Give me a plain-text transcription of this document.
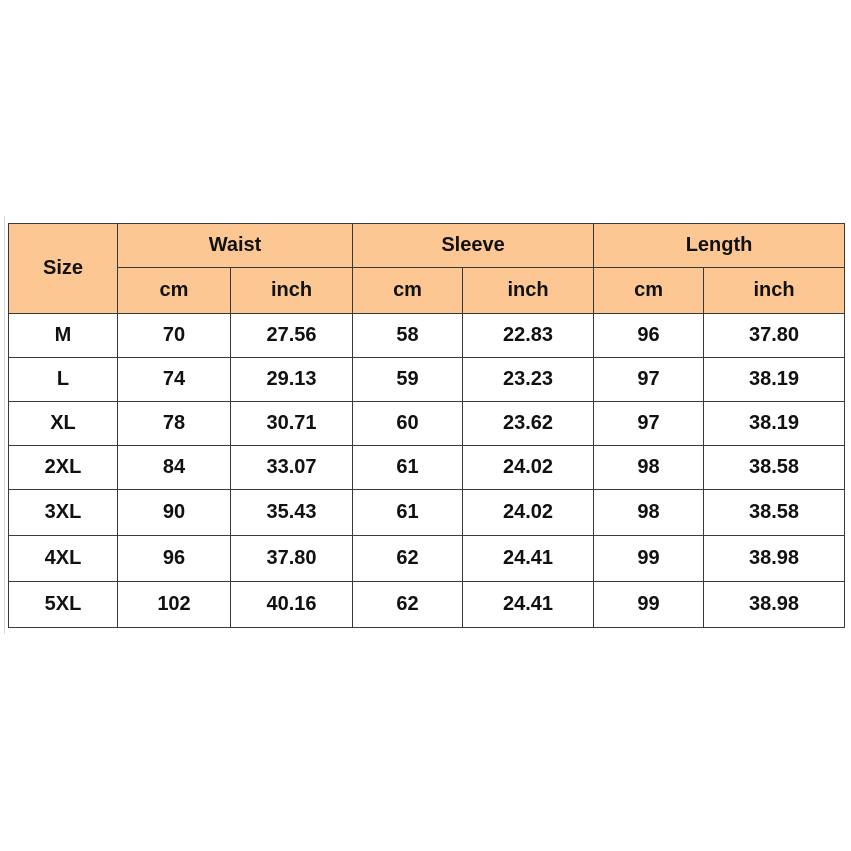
Size	Waist		Sleeve		Length	
	cm	inch	cm	inch	cm	inch
M	70	27.56	58	22.83	96	37.80
L	74	29.13	59	23.23	97	38.19
XL	78	30.71	60	23.62	97	38.19
2XL	84	33.07	61	24.02	98	38.58
3XL	90	35.43	61	24.02	98	38.58
4XL	96	37.80	62	24.41	99	38.98
5XL	102	40.16	62	24.41	99	38.98
